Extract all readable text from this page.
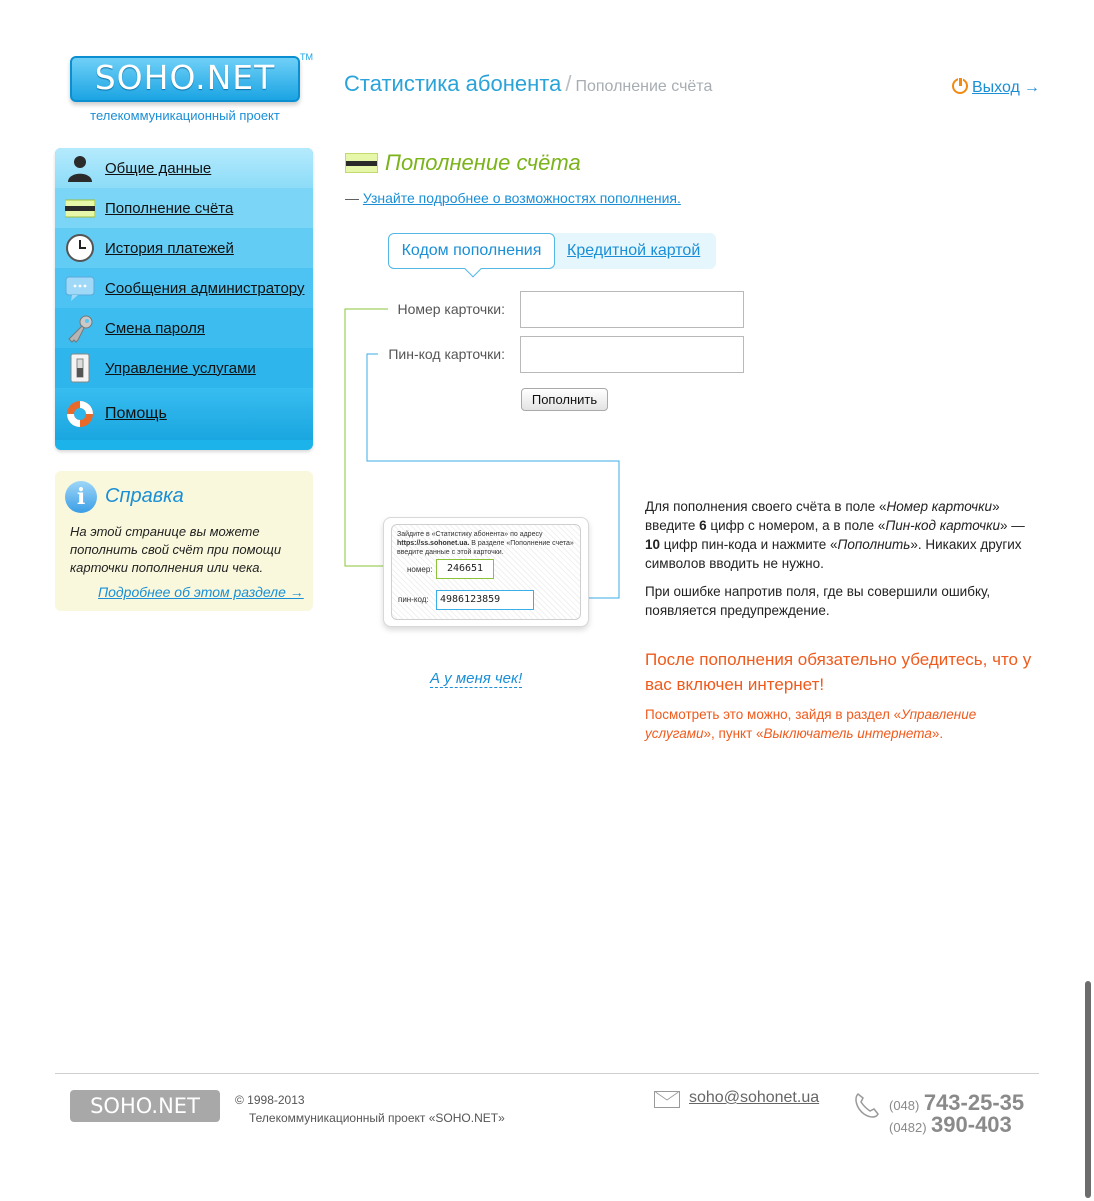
SOHO.NET
TM
телекоммуникационный проект
Статистика абонента / Пополнение счёта	Выход →
Общие данные
Пополнение счёта
История платежей
Сообщения администратору
Смена пароля
Управление услугами
Помощь
i Справка
На этой странице вы можете пополнить свой счёт при помощи карточки пополнения или чека.
Подробнее об этом разделе →
Пополнение счёта
— Узнайте подробнее о возможностях пополнения.
Кодом пополнения	Кредитной картой
Номер карточки:
Пин-код карточки:
Пополнить
Зайдите в «Статистику абонента» по адресу https://ss.sohonet.ua. В разделе «Пополнение счета» введите данные с этой карточки.
номер:	246651
пин-код:	4986123859
А у меня чек!

Для пополнения своего счёта в поле «Номер карточки» введите 6 цифр с номером, а в поле «Пин-код карточки» — 10 цифр пин-кода и нажмите «Пополнить». Никаких других символов вводить не нужно.

При ошибке напротив поля, где вы совершили ошибку, появляется предупреждение.

После пополнения обязательно убедитесь, что у вас включен интернет!
Посмотреть это можно, зайдя в раздел «Управление услугами», пункт «Выключатель интернета».
SOHO.NET	© 1998-2013
Телекоммуникационный проект «SOHO.NET»
soho@sohonet.ua	(048) 743-25-35
(0482) 390-403
